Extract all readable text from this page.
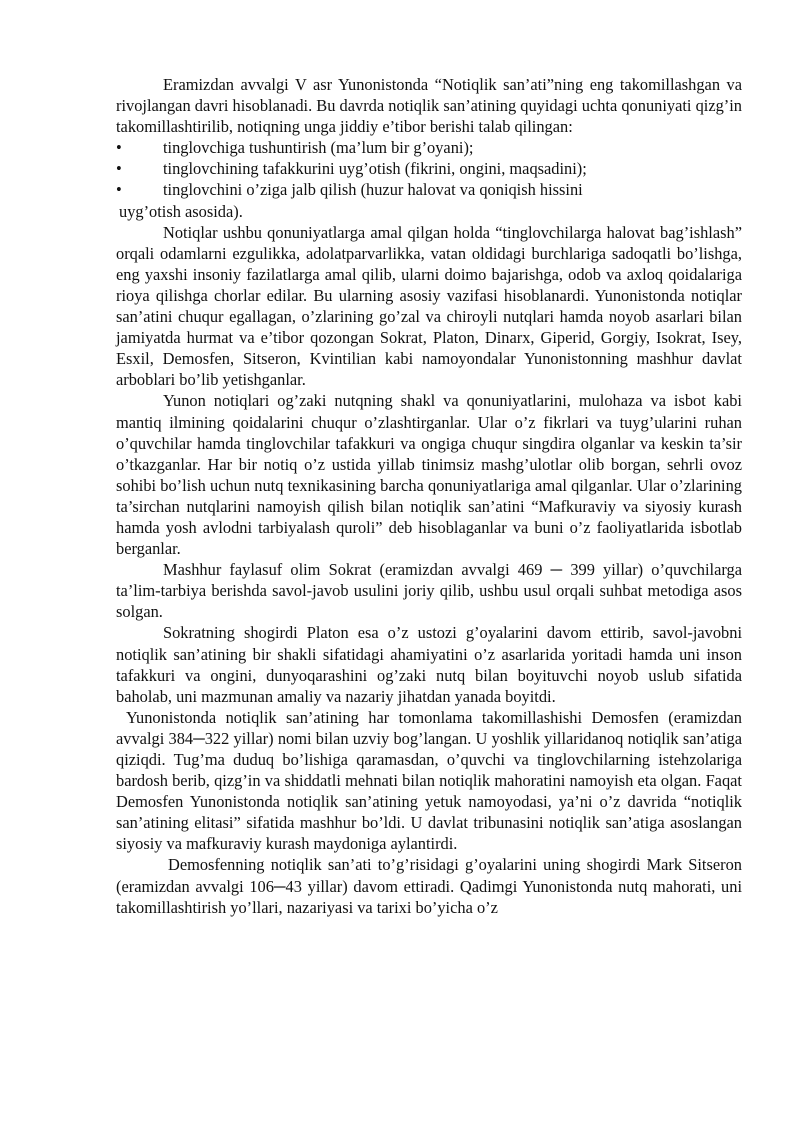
Eramizdan avvalgi V asr Yunonistonda “Notiqlik san’ati”ning eng takomillashgan va rivojlangan davri hisoblanadi. Bu davrda notiqlik san’atining quyidagi uchta qonuniyati qizg’in takomillashtirilib, notiqning unga jiddiy e’tibor berishi talab qilingan:

•	tinglovchiga tushuntirish (ma’lum bir g’oyani);
•	tinglovchining tafakkurini uyg’otish (fikrini, ongini, maqsadini);
•	tinglovchini o’ziga jalb qilish (huzur halovat va qoniqish hissini

uyg’otish asosida).

Notiqlar ushbu qonuniyatlarga amal qilgan holda “tinglovchilarga halovat bag’ishlash” orqali odamlarni ezgulikka, adolatparvarlikka, vatan oldidagi burchlariga sadoqatli bo’lishga, eng yaxshi insoniy fazilatlarga amal qilib, ularni doimo bajarishga, odob va axloq qoidalariga rioya qilishga chorlar edilar. Bu ularning asosiy vazifasi hisoblanardi. Yunonistonda notiqlar san’atini chuqur egallagan, o’zlarining go’zal va chiroyli nutqlari hamda noyob asarlari bilan jamiyatda hurmat va e’tibor qozongan Sokrat, Platon, Dinarx, Giperid, Gorgiy, Isokrat, Isey, Esxil, Demosfen, Sitseron, Kvintilian kabi namoyondalar Yunonistonning mashhur davlat arboblari bo’lib yetishganlar.

Yunon notiqlari og’zaki nutqning shakl va qonuniyatlarini, mulohaza va isbot kabi mantiq ilmining qoidalarini chuqur o’zlashtirganlar. Ular o’z fikrlari va tuyg’ularini ruhan o’quvchilar hamda tinglovchilar tafakkuri va ongiga chuqur singdira olganlar va keskin ta’sir o’tkazganlar. Har bir notiq o’z ustida yillab tinimsiz mashg’ulotlar olib borgan, sehrli ovoz sohibi bo’lish uchun nutq texnikasining barcha qonuniyatlariga amal qilganlar. Ular o’zlarining ta’sirchan nutqlarini namoyish qilish bilan notiqlik san’atini “Mafkuraviy va siyosiy kurash hamda yosh avlodni tarbiyalash quroli” deb hisoblaganlar va buni o’z faoliyatlarida isbotlab berganlar.

Mashhur faylasuf olim Sokrat (eramizdan avvalgi 469 ─ 399 yillar) o’quvchilarga ta’lim-tarbiya berishda savol-javob usulini joriy qilib, ushbu usul orqali suhbat metodiga asos solgan.

Sokratning shogirdi Platon esa o’z ustozi g’oyalarini davom ettirib, savol-javobni notiqlik san’atining bir shakli sifatidagi ahamiyatini o’z asarlarida yoritadi hamda uni inson tafakkuri va ongini, dunyoqarashini og’zaki nutq bilan boyituvchi noyob uslub sifatida baholab, uni mazmunan amaliy va nazariy jihatdan yanada boyitdi.

Yunonistonda notiqlik san’atining har tomonlama takomillashishi Demosfen (eramizdan avvalgi 384─322 yillar) nomi bilan uzviy bog’langan. U yoshlik yillaridanoq notiqlik san’atiga qiziqdi. Tug’ma duduq bo’lishiga qaramasdan, o’quvchi va tinglovchilarning istehzolariga bardosh berib, qizg’in va shiddatli mehnati bilan notiqlik mahoratini namoyish eta olgan. Faqat Demosfen Yunonistonda notiqlik san’atining yetuk namoyodasi, ya’ni o’z davrida “notiqlik san’atining elitasi” sifatida mashhur bo’ldi. U davlat tribunasini notiqlik san’atiga asoslangan siyosiy va mafkuraviy kurash maydoniga aylantirdi.

Demosfenning notiqlik san’ati to’g’risidagi g’oyalarini uning shogirdi Mark Sitseron (eramizdan avvalgi 106─43 yillar) davom ettiradi. Qadimgi Yunonistonda nutq mahorati, uni takomillashtirish yo’llari, nazariyasi va tarixi bo’yicha o’z
